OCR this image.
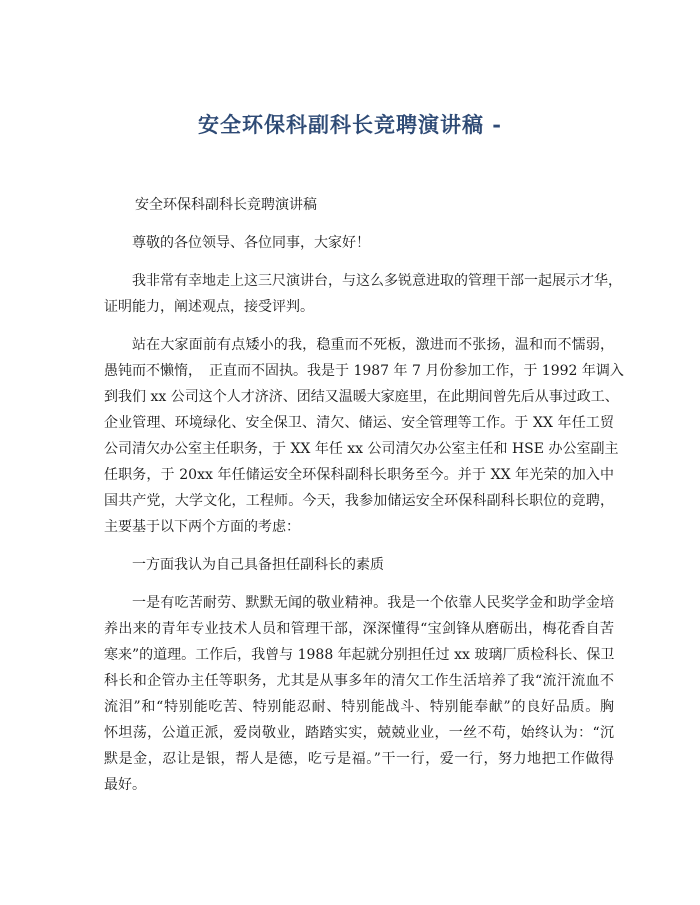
安全环保科副科长竞聘演讲稿 -
安全环保科副科长竞聘演讲稿
尊敬的各位领导、各位同事，大家好！
我非常有幸地走上这三尺演讲台，与这么多锐意进取的管理干部一起展示才华，
证明能力，阐述观点，接受评判。
站在大家面前有点矮小的我，稳重而不死板，激进而不张扬，温和而不懦弱，
愚钝而不懒惰，　正直而不固执。我是于 1987 年 7 月份参加工作，于 1992 年调入
到我们 xx 公司这个人才济济、团结又温暖大家庭里，在此期间曾先后从事过政工、
企业管理、环境绿化、安全保卫、清欠、储运、安全管理等工作。于 XX 年任工贸
公司清欠办公室主任职务，于 XX 年任 xx 公司清欠办公室主任和 HSE 办公室副主
任职务，于 20xx 年任储运安全环保科副科长职务至今。并于 XX 年光荣的加入中
国共产党，大学文化，工程师。今天，我参加储运安全环保科副科长职位的竞聘，
主要基于以下两个方面的考虑：
一方面我认为自己具备担任副科长的素质
一是有吃苦耐劳、默默无闻的敬业精神。我是一个依靠人民奖学金和助学金培
养出来的青年专业技术人员和管理干部，深深懂得“宝剑锋从磨砺出，梅花香自苦
寒来”的道理。工作后，我曾与 1988 年起就分别担任过 xx 玻璃厂质检科长、保卫
科长和企管办主任等职务，尤其是从事多年的清欠工作生活培养了我“流汗流血不
流泪”和“特别能吃苦、特别能忍耐、特别能战斗、特别能奉献”的良好品质。胸
怀坦荡，公道正派，爱岗敬业，踏踏实实，兢兢业业，一丝不苟，始终认为：“沉
默是金，忍让是银，帮人是德，吃亏是福。”干一行，爱一行，努力地把工作做得
最好。
